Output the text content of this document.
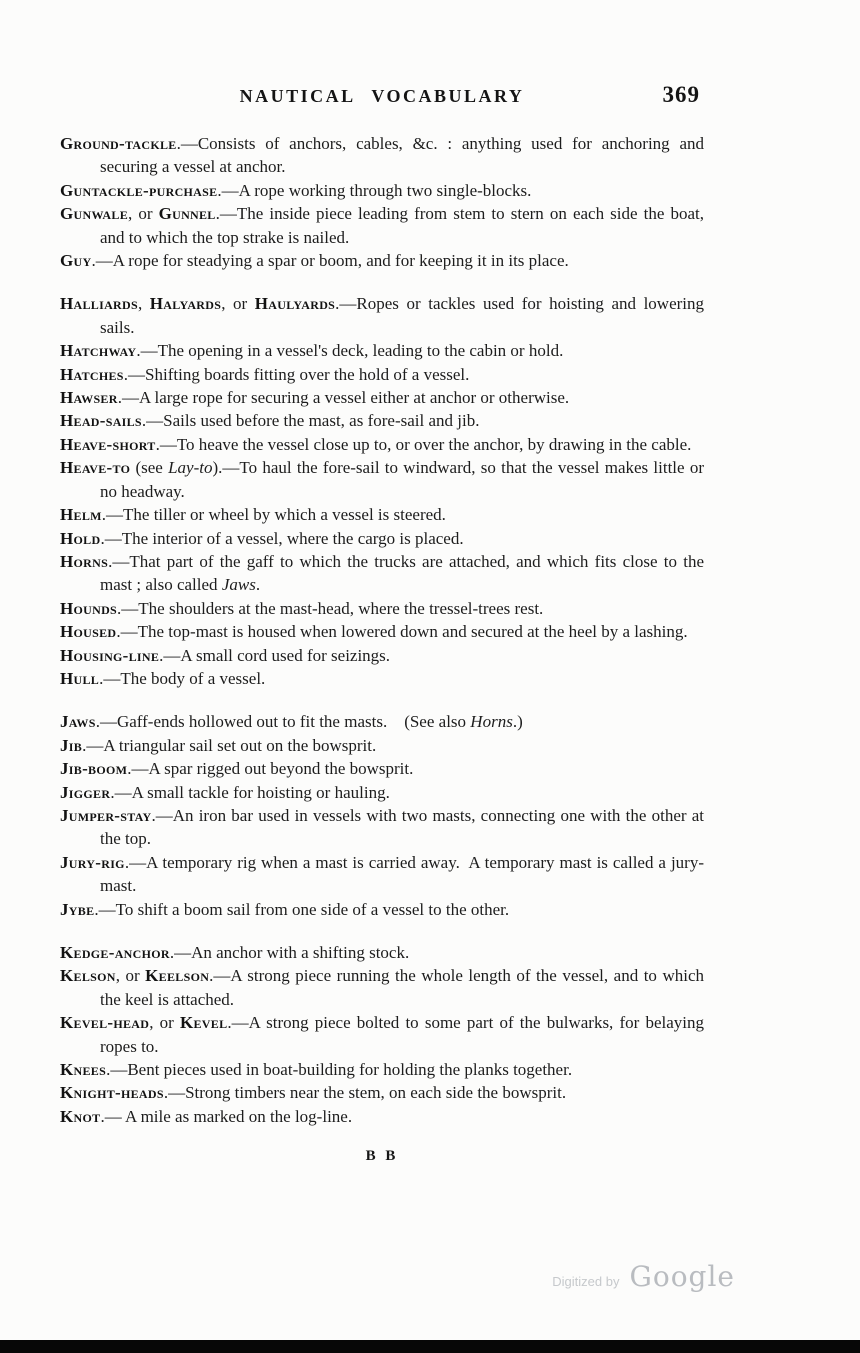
NAUTICAL VOCABULARY	369

Ground-tackle.—Consists of anchors, cables, &c. : anything used for anchoring and securing a vessel at anchor.

Guntackle-purchase.—A rope working through two single-blocks.

Gunwale, or Gunnel.—The inside piece leading from stem to stern on each side the boat, and to which the top strake is nailed.

Guy.—A rope for steadying a spar or boom, and for keeping it in its place.

Halliards, Halyards, or Haulyards.—Ropes or tackles used for hoisting and lowering sails.

Hatchway.—The opening in a vessel's deck, leading to the cabin or hold.

Hatches.—Shifting boards fitting over the hold of a vessel.

Hawser.—A large rope for securing a vessel either at anchor or otherwise.

Head-sails.—Sails used before the mast, as fore-sail and jib.

Heave-short.—To heave the vessel close up to, or over the anchor, by drawing in the cable.

Heave-to (see Lay-to).—To haul the fore-sail to windward, so that the vessel makes little or no headway.

Helm.—The tiller or wheel by which a vessel is steered.

Hold.—The interior of a vessel, where the cargo is placed.

Horns.—That part of the gaff to which the trucks are attached, and which fits close to the mast ; also called Jaws.

Hounds.—The shoulders at the mast-head, where the tressel-trees rest.

Housed.—The top-mast is housed when lowered down and secured at the heel by a lashing.

Housing-line.—A small cord used for seizings.

Hull.—The body of a vessel.

Jaws.—Gaff-ends hollowed out to fit the masts. (See also Horns.)

Jib.—A triangular sail set out on the bowsprit.

Jib-boom.—A spar rigged out beyond the bowsprit.

Jigger.—A small tackle for hoisting or hauling.

Jumper-stay.—An iron bar used in vessels with two masts, connecting one with the other at the top.

Jury-rig.—A temporary rig when a mast is carried away. A temporary mast is called a jury-mast.

Jybe.—To shift a boom sail from one side of a vessel to the other.

Kedge-anchor.—An anchor with a shifting stock.

Kelson, or Keelson.—A strong piece running the whole length of the vessel, and to which the keel is attached.

Kevel-head, or Kevel.—A strong piece bolted to some part of the bulwarks, for belaying ropes to.

Knees.—Bent pieces used in boat-building for holding the planks together.

Knight-heads.—Strong timbers near the stem, on each side the bowsprit.

Knot.— A mile as marked on the log-line.

B B
Digitized by Google
